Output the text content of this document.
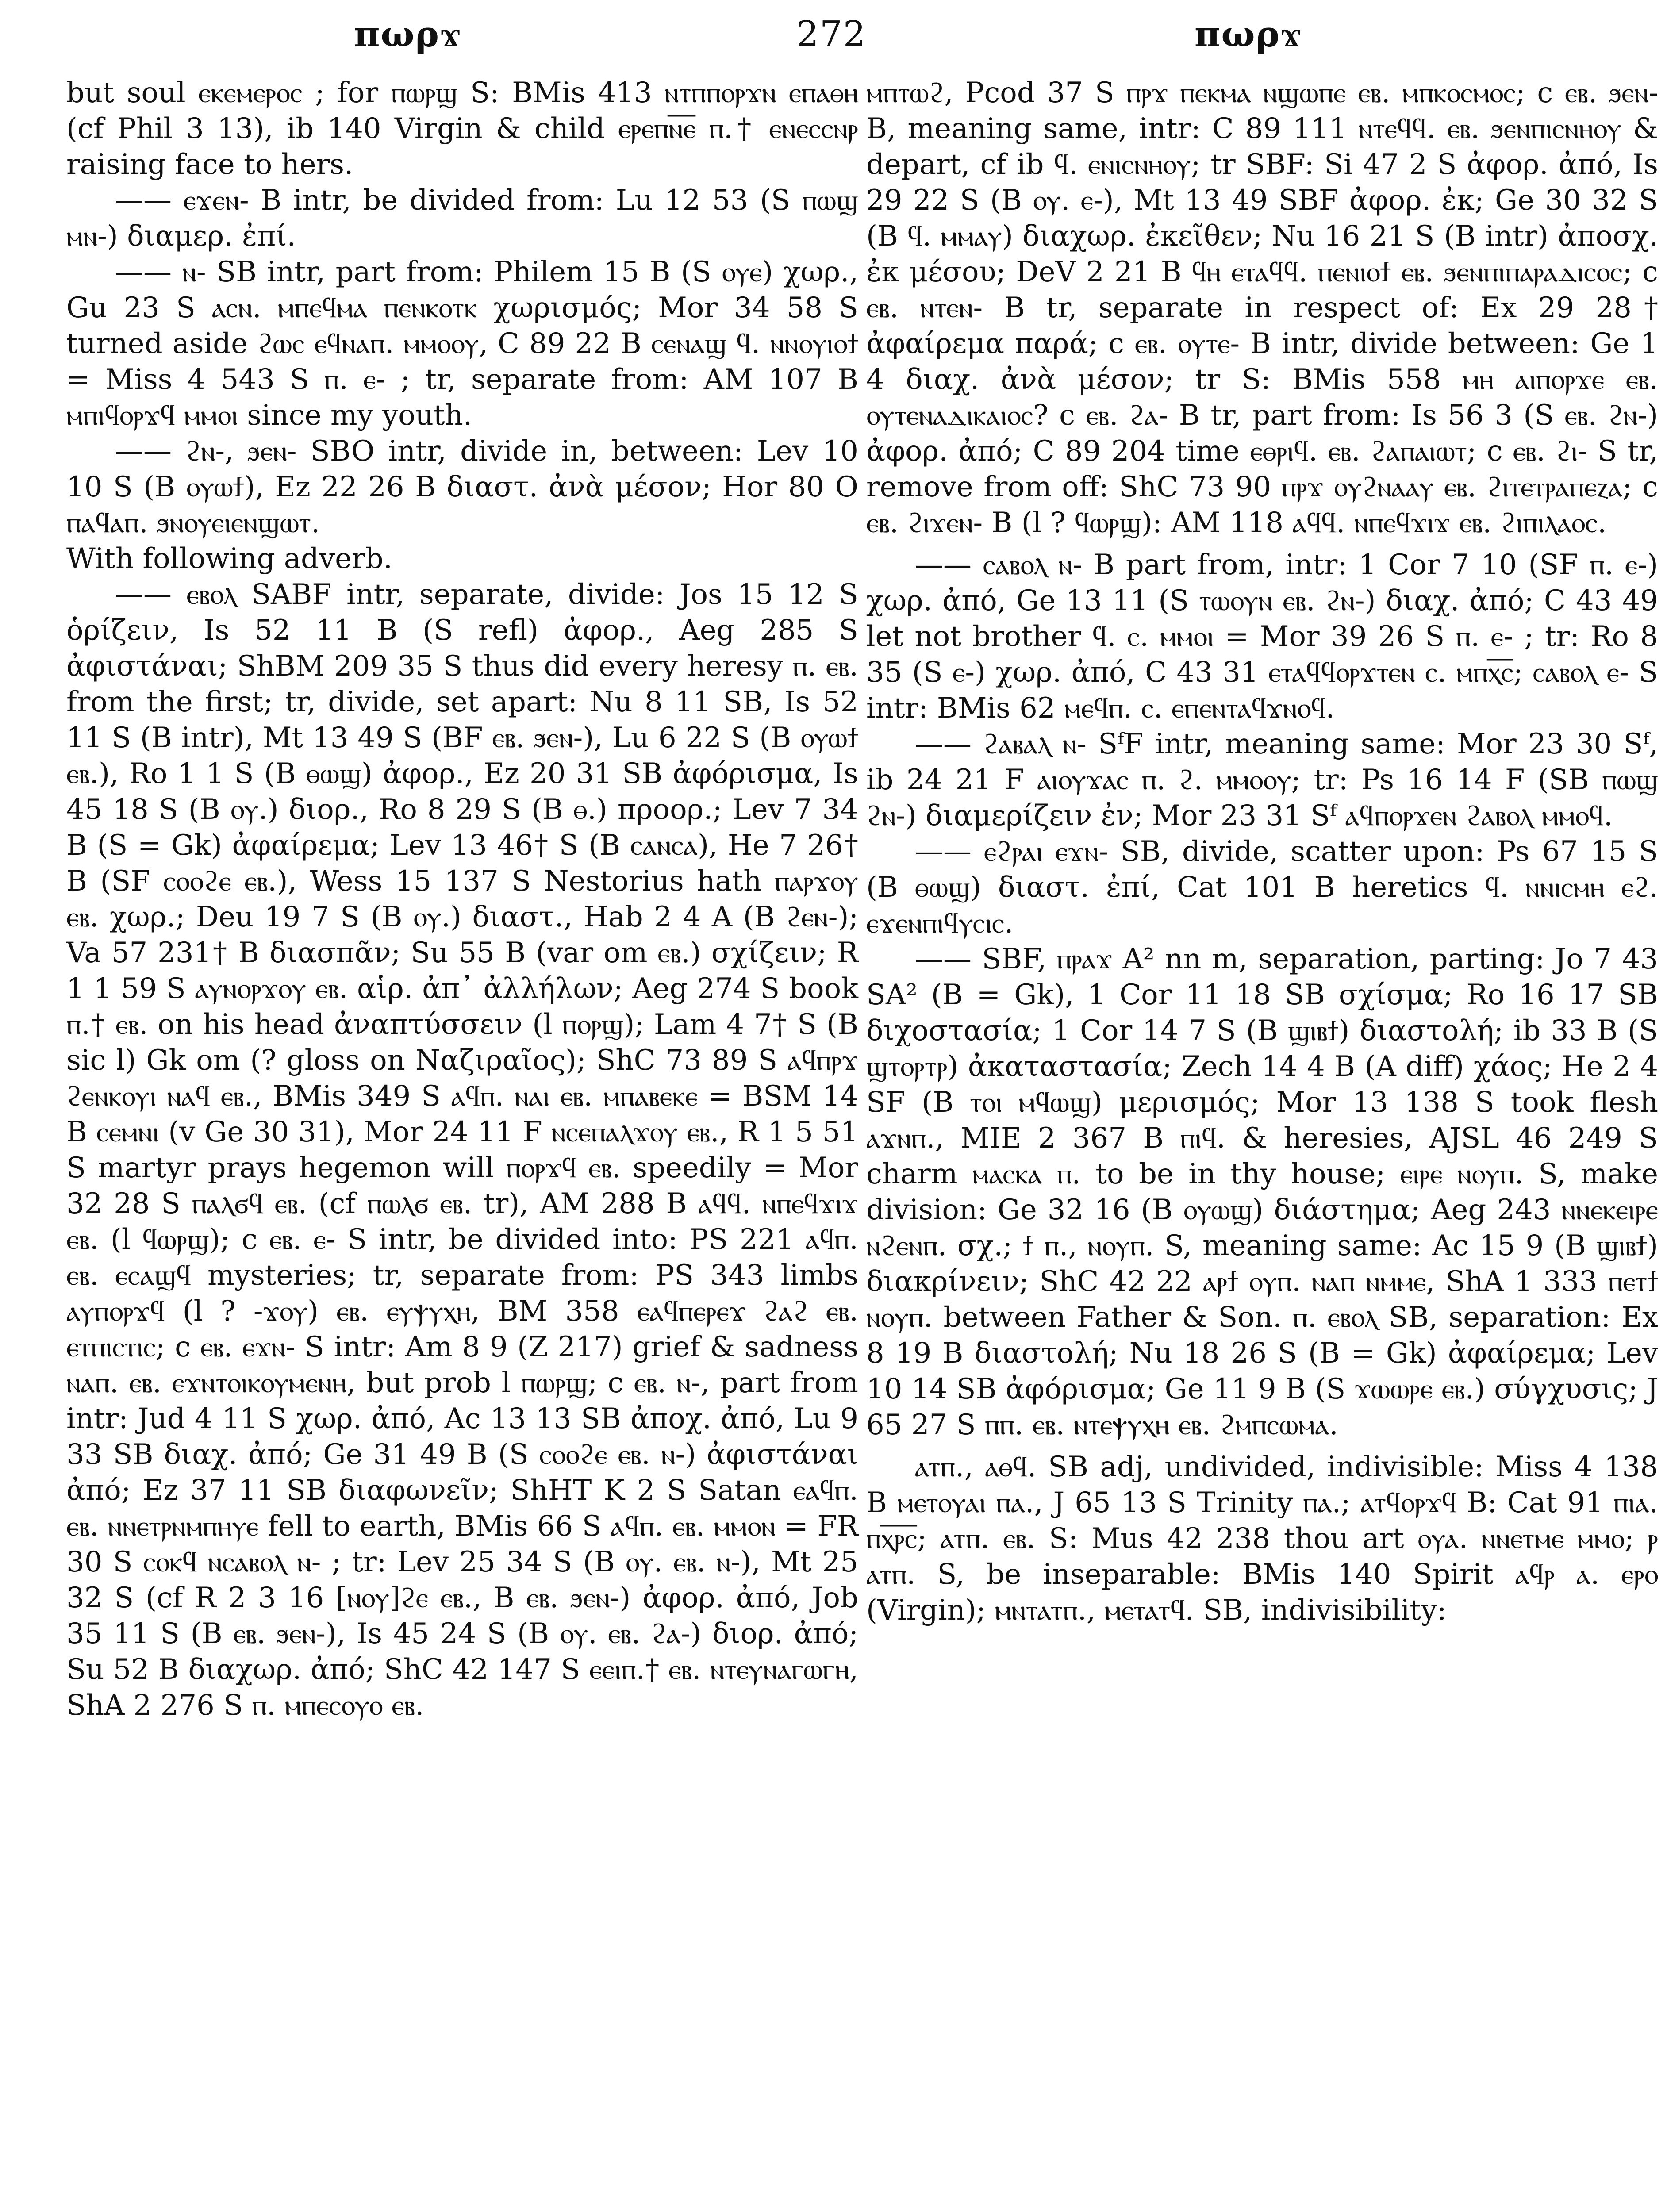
πωρϫ	272	πωρϫ

but soul ⲉⲕⲉⲙⲉⲣⲟⲥ ; for ⲡⲱⲣϣ S: BMis 413 ⲛⲧⲡⲡⲟⲣϫⲛ ⲉⲡⲁⲑⲏ (cf Phil 3 13), ib 140 Virgin & child ⲉⲣⲉⲡⲛ̅ⲉ̅ ⲡ.† ⲉⲛⲉⲥⲥⲛⲣ raising face to hers.

—— ⲉϫⲉⲛ- B intr, be divided from: Lu 12 53 (S ⲡⲱϣ ⲙⲛ-) διαμερ. ἐπί.

—— ⲛ- SB intr, part from: Philem 15 B (S ⲟⲩⲉ) χωρ., Gu 23 S ⲁⲥⲛ. ⲙⲡⲉϥⲙⲁ ⲡⲉⲛⲕⲟⲧⲕ χωρισμός; Mor 34 58 S turned aside ϩⲱⲥ ⲉϥⲛⲁⲡ. ⲙⲙⲟⲟⲩ, C 89 22 B ⲥⲉⲛⲁϣ ϥ. ⲛⲛⲟⲩⲓⲟϯ = Miss 4 543 S ⲡ. ⲉ- ; tr, separate from: AM 107 B ⲙⲡⲓϥⲟⲣϫϥ ⲙⲙⲟⲓ since my youth.

—— ϩⲛ-, ϧⲉⲛ- SBO intr, divide in, between: Lev 10 10 S (B ⲟⲩⲱϯ), Ez 22 26 B διαστ. ἀνὰ μέσον; Hor 80 O ⲡⲁϥⲁⲡ. ϧⲛⲟⲩⲉⲓⲉⲛϣⲱⲧ.

With following adverb.

—— ⲉⲃⲟⲗ SABF intr, separate, divide: Jos 15 12 S ὁρίζειν, Is 52 11 B (S refl) ἀφορ., Aeg 285 S ἀφιστάναι; ShBM 209 35 S thus did every heresy ⲡ. ⲉⲃ. from the first; tr, divide, set apart: Nu 8 11 SB, Is 52 11 S (B intr), Mt 13 49 S (BF ⲉⲃ. ϧⲉⲛ-), Lu 6 22 S (B ⲟⲩⲱϯ ⲉⲃ.), Ro 1 1 S (B ⲑⲱϣ) ἀφορ., Ez 20 31 SB ἀφόρισμα, Is 45 18 S (B ⲟⲩ.) διορ., Ro 8 29 S (B ⲑ.) προορ.; Lev 7 34 B (S = Gk) ἀφαίρεμα; Lev 13 46† S (B ⲥⲁⲛⲥⲁ), He 7 26† B (SF ⲥⲟⲟϩⲉ ⲉⲃ.), Wess 15 137 S Nestorius hath ⲡⲁⲣϫⲟⲩ ⲉⲃ. χωρ.; Deu 19 7 S (B ⲟⲩ.) διαστ., Hab 2 4 A (B ϩⲉⲛ-); Va 57 231† B διασπᾶν; Su 55 B (var om ⲉⲃ.) σχίζειν; R 1 1 59 S ⲁⲩⲛⲟⲣϫⲟⲩ ⲉⲃ. αἱρ. ἀπ᾿ ἀλλήλων; Aeg 274 S book ⲡ.† ⲉⲃ. on his head ἀναπτύσσειν (l ⲡⲟⲣϣ); Lam 4 7† S (B sic l) Gk om (? gloss on Ναζιραῖος); ShC 73 89 S ⲁϥⲡⲣϫ ϩⲉⲛⲕⲟⲩⲓ ⲛⲁϥ ⲉⲃ., BMis 349 S ⲁϥⲡ. ⲛⲁⲓ ⲉⲃ. ⲙⲡⲁⲃⲉⲕⲉ = BSM 14 B ⲥⲉⲙⲛⲓ (v Ge 30 31), Mor 24 11 F ⲛⲥⲉⲡⲁⲗϫⲟⲩ ⲉⲃ., R 1 5 51 S martyr prays hegemon will ⲡⲟⲣϫϥ ⲉⲃ. speedily = Mor 32 28 S ⲡⲁⲗϭϥ ⲉⲃ. (cf ⲡⲱⲗϭ ⲉⲃ. tr), AM 288 B ⲁϥϥ. ⲛⲡⲉϥϫⲓϫ ⲉⲃ. (l ϥⲱⲣϣ); c ⲉⲃ. ⲉ- S intr, be divided into: PS 221 ⲁϥⲡ. ⲉⲃ. ⲉⲥⲁϣϥ mysteries; tr, separate from: PS 343 limbs ⲁⲩⲡⲟⲣϫϥ (l ? -ϫⲟⲩ) ⲉⲃ. ⲉⲩⲯⲩⲭⲏ, BM 358 ⲉⲁϥⲡⲉⲣⲉϫ ϩⲁϩ ⲉⲃ. ⲉⲧⲡⲓⲥⲧⲓⲥ; c ⲉⲃ. ⲉϫⲛ- S intr: Am 8 9 (Z 217) grief & sadness ⲛⲁⲡ. ⲉⲃ. ⲉϫⲛⲧⲟⲓⲕⲟⲩⲙⲉⲛⲏ, but prob l ⲡⲱⲣϣ; c ⲉⲃ. ⲛ-, part from intr: Jud 4 11 S χωρ. ἀπό, Ac 13 13 SB ἀποχ. ἀπό, Lu 9 33 SB διαχ. ἀπό; Ge 31 49 B (S ⲥⲟⲟϩⲉ ⲉⲃ. ⲛ-) ἀφιστάναι ἀπό; Ez 37 11 SB διαφωνεῖν; ShHT K 2 S Satan ⲉⲁϥⲡ. ⲉⲃ. ⲛⲛⲉⲧⲣⲛⲙⲡⲏⲩⲉ fell to earth, BMis 66 S ⲁϥⲡ. ⲉⲃ. ⲙⲙⲟⲛ = FR 30 S ⲥⲟⲕϥ ⲛⲥⲁⲃⲟⲗ ⲛ- ; tr: Lev 25 34 S (B ⲟⲩ. ⲉⲃ. ⲛ-), Mt 25 32 S (cf R 2 3 16 [ⲛⲟⲩ]ϩⲉ ⲉⲃ., B ⲉⲃ. ϧⲉⲛ-) ἀφορ. ἀπό, Job 35 11 S (B ⲉⲃ. ϧⲉⲛ-), Is 45 24 S (B ⲟⲩ. ⲉⲃ. ϩⲁ-) διορ. ἀπό; Su 52 B διαχωρ. ἀπό; ShC 42 147 S ⲉⲉⲓⲡ.† ⲉⲃ. ⲛⲧⲉⲩⲛⲁⲅⲱⲅⲏ, ShA 2 276 S ⲡ. ⲙⲡⲉⲥⲟⲩⲟ ⲉⲃ.

ⲙⲡⲧⲱϩ, Pcod 37 S ⲡⲣϫ ⲡⲉⲕⲙⲁ ⲛϣⲱⲡⲉ ⲉⲃ. ⲙⲡⲕⲟⲥⲙⲟⲥ; c ⲉⲃ. ϧⲉⲛ- B, meaning same, intr: C 89 111 ⲛⲧⲉϥϥ. ⲉⲃ. ϧⲉⲛⲡⲓⲥⲛⲏⲟⲩ & depart, cf ib ϥ. ⲉⲛⲓⲥⲛⲏⲟⲩ; tr SBF: Si 47 2 S ἀφορ. ἀπό, Is 29 22 S (B ⲟⲩ. ⲉ-), Mt 13 49 SBF ἀφορ. ἐκ; Ge 30 32 S (B ϥ. ⲙⲙⲁⲩ) διαχωρ. ἐκεῖθεν; Nu 16 21 S (B intr) ἀποσχ. ἐκ μέσου; DeV 2 21 B ϥⲏ ⲉⲧⲁϥϥ. ⲡⲉⲛⲓⲟϯ ⲉⲃ. ϧⲉⲛⲡⲓⲡⲁⲣⲁⲇⲓⲥⲟⲥ; c ⲉⲃ. ⲛⲧⲉⲛ- B tr, separate in respect of: Ex 29 28† ἀφαίρεμα παρά; c ⲉⲃ. ⲟⲩⲧⲉ- B intr, divide between: Ge 1 4 διαχ. ἀνὰ μέσον; tr S: BMis 558 ⲙⲏ ⲁⲓⲡⲟⲣϫⲉ ⲉⲃ. ⲟⲩⲧⲉⲛⲁⲇⲓⲕⲁⲓⲟⲥ? c ⲉⲃ. ϩⲁ- B tr, part from: Is 56 3 (S ⲉⲃ. ϩⲛ-) ἀφορ. ἀπό; C 89 204 time ⲉⲑⲣⲓϥ. ⲉⲃ. ϩⲁⲡⲁⲓⲱⲧ; c ⲉⲃ. ϩⲓ- S tr, remove from off: ShC 73 90 ⲡⲣϫ ⲟⲩϩⲛⲁⲁⲩ ⲉⲃ. ϩⲓⲧⲉⲧⲣⲁⲡⲉⲍⲁ; c ⲉⲃ. ϩⲓϫⲉⲛ- B (l ? ϥⲱⲣϣ): AM 118 ⲁϥϥ. ⲛⲡⲉϥϫⲓϫ ⲉⲃ. ϩⲓⲡⲓⲗⲁⲟⲥ.

—— ⲥⲁⲃⲟⲗ ⲛ- B part from, intr: 1 Cor 7 10 (SF ⲡ. ⲉ-) χωρ. ἀπό, Ge 13 11 (S ⲧⲱⲟⲩⲛ ⲉⲃ. ϩⲛ-) διαχ. ἀπό; C 43 49 let not brother ϥ. ⲥ. ⲙⲙⲟⲓ = Mor 39 26 S ⲡ. ⲉ- ; tr: Ro 8 35 (S ⲉ-) χωρ. ἀπό, C 43 31 ⲉⲧⲁϥϥⲟⲣϫⲧⲉⲛ ⲥ. ⲙⲡⲭ̅ⲥ̅; ⲥⲁⲃⲟⲗ ⲉ- S intr: BMis 62 ⲙⲉϥⲡ. ⲥ. ⲉⲡⲉⲛⲧⲁϥϫⲛⲟϥ.

—— ϩⲁⲃⲁⲗ ⲛ- SᶠF intr, meaning same: Mor 23 30 Sᶠ, ib 24 21 F ⲁⲓⲟⲩϫⲁⲥ ⲡ. ϩ. ⲙⲙⲟⲟⲩ; tr: Ps 16 14 F (SB ⲡⲱϣ ϩⲛ-) διαμερίζειν ἐν; Mor 23 31 Sᶠ ⲁϥⲡⲟⲣϫⲉⲛ ϩⲁⲃⲟⲗ ⲙⲙⲟϥ.

—— ⲉϩⲣⲁⲓ ⲉϫⲛ- SB, divide, scatter upon: Ps 67 15 S (B ⲑⲱϣ) διαστ. ἐπί, Cat 101 B heretics ϥ. ⲛⲛⲓⲥⲙⲏ ⲉϩ. ⲉϫⲉⲛⲡⲓϥⲩⲥⲓⲥ.

—— SBF, ⲡⲣⲁϫ A² nn m, separation, parting: Jo 7 43 SA² (B = Gk), 1 Cor 11 18 SB σχίσμα; Ro 16 17 SB διχοστασία; 1 Cor 14 7 S (B ϣⲓⲃϯ) διαστολή; ib 33 B (S ϣⲧⲟⲣⲧⲣ) ἀκαταστασία; Zech 14 4 B (A diff) χάος; He 2 4 SF (B ⲧⲟⲓ ⲙϥⲱϣ) μερισμός; Mor 13 138 S took flesh ⲁϫⲛⲡ., MIE 2 367 B ⲡⲓϥ. & heresies, AJSL 46 249 S charm ⲙⲁⲥⲕⲁ ⲡ. to be in thy house; ⲉⲓⲣⲉ ⲛⲟⲩⲡ. S, make division: Ge 32 16 (B ⲟⲩⲱϣ) διάστημα; Aeg 243 ⲛⲛⲉⲕⲉⲓⲣⲉ ⲛϩⲉⲛⲡ. σχ.; ϯ ⲡ., ⲛⲟⲩⲡ. S, meaning same: Ac 15 9 (B ϣⲓⲃϯ) διακρίνειν; ShC 42 22 ⲁⲣϯ ⲟⲩⲡ. ⲛⲁⲡ ⲛⲙⲙⲉ, ShA 1 333 ⲡⲉⲧϯ ⲛⲟⲩⲡ. between Father & Son. ⲡ. ⲉⲃⲟⲗ SB, separation: Ex 8 19 B διαστολή; Nu 18 26 S (B = Gk) ἀφαίρεμα; Lev 10 14 SB ἀφόρισμα; Ge 11 9 B (S ϫⲱⲱⲣⲉ ⲉⲃ.) σύγχυσις; J 65 27 S ⲡⲡ. ⲉⲃ. ⲛⲧⲉⲯⲩⲭⲏ ⲉⲃ. ϩⲙⲡⲥⲱⲙⲁ.

ⲁⲧⲡ., ⲁⲑϥ. SB adj, undivided, indivisible: Miss 4 138 B ⲙⲉⲧⲟⲩⲁⲓ ⲡⲁ., J 65 13 S Trinity ⲡⲁ.; ⲁⲧϥⲟⲣϫϥ B: Cat 91 ⲡⲓⲁ. ⲡⲭ̅ⲣ̅ⲥ̅; ⲁⲧⲡ. ⲉⲃ. S: Mus 42 238 thou art ⲟⲩⲁ. ⲛⲛⲉⲧⲙⲉ ⲙⲙⲟ; ⲣ ⲁⲧⲡ. S, be inseparable: BMis 140 Spirit ⲁϥⲣ ⲁ. ⲉⲣⲟ (Virgin); ⲙⲛⲧⲁⲧⲡ., ⲙⲉⲧⲁⲧϥ. SB, indivisibility:
